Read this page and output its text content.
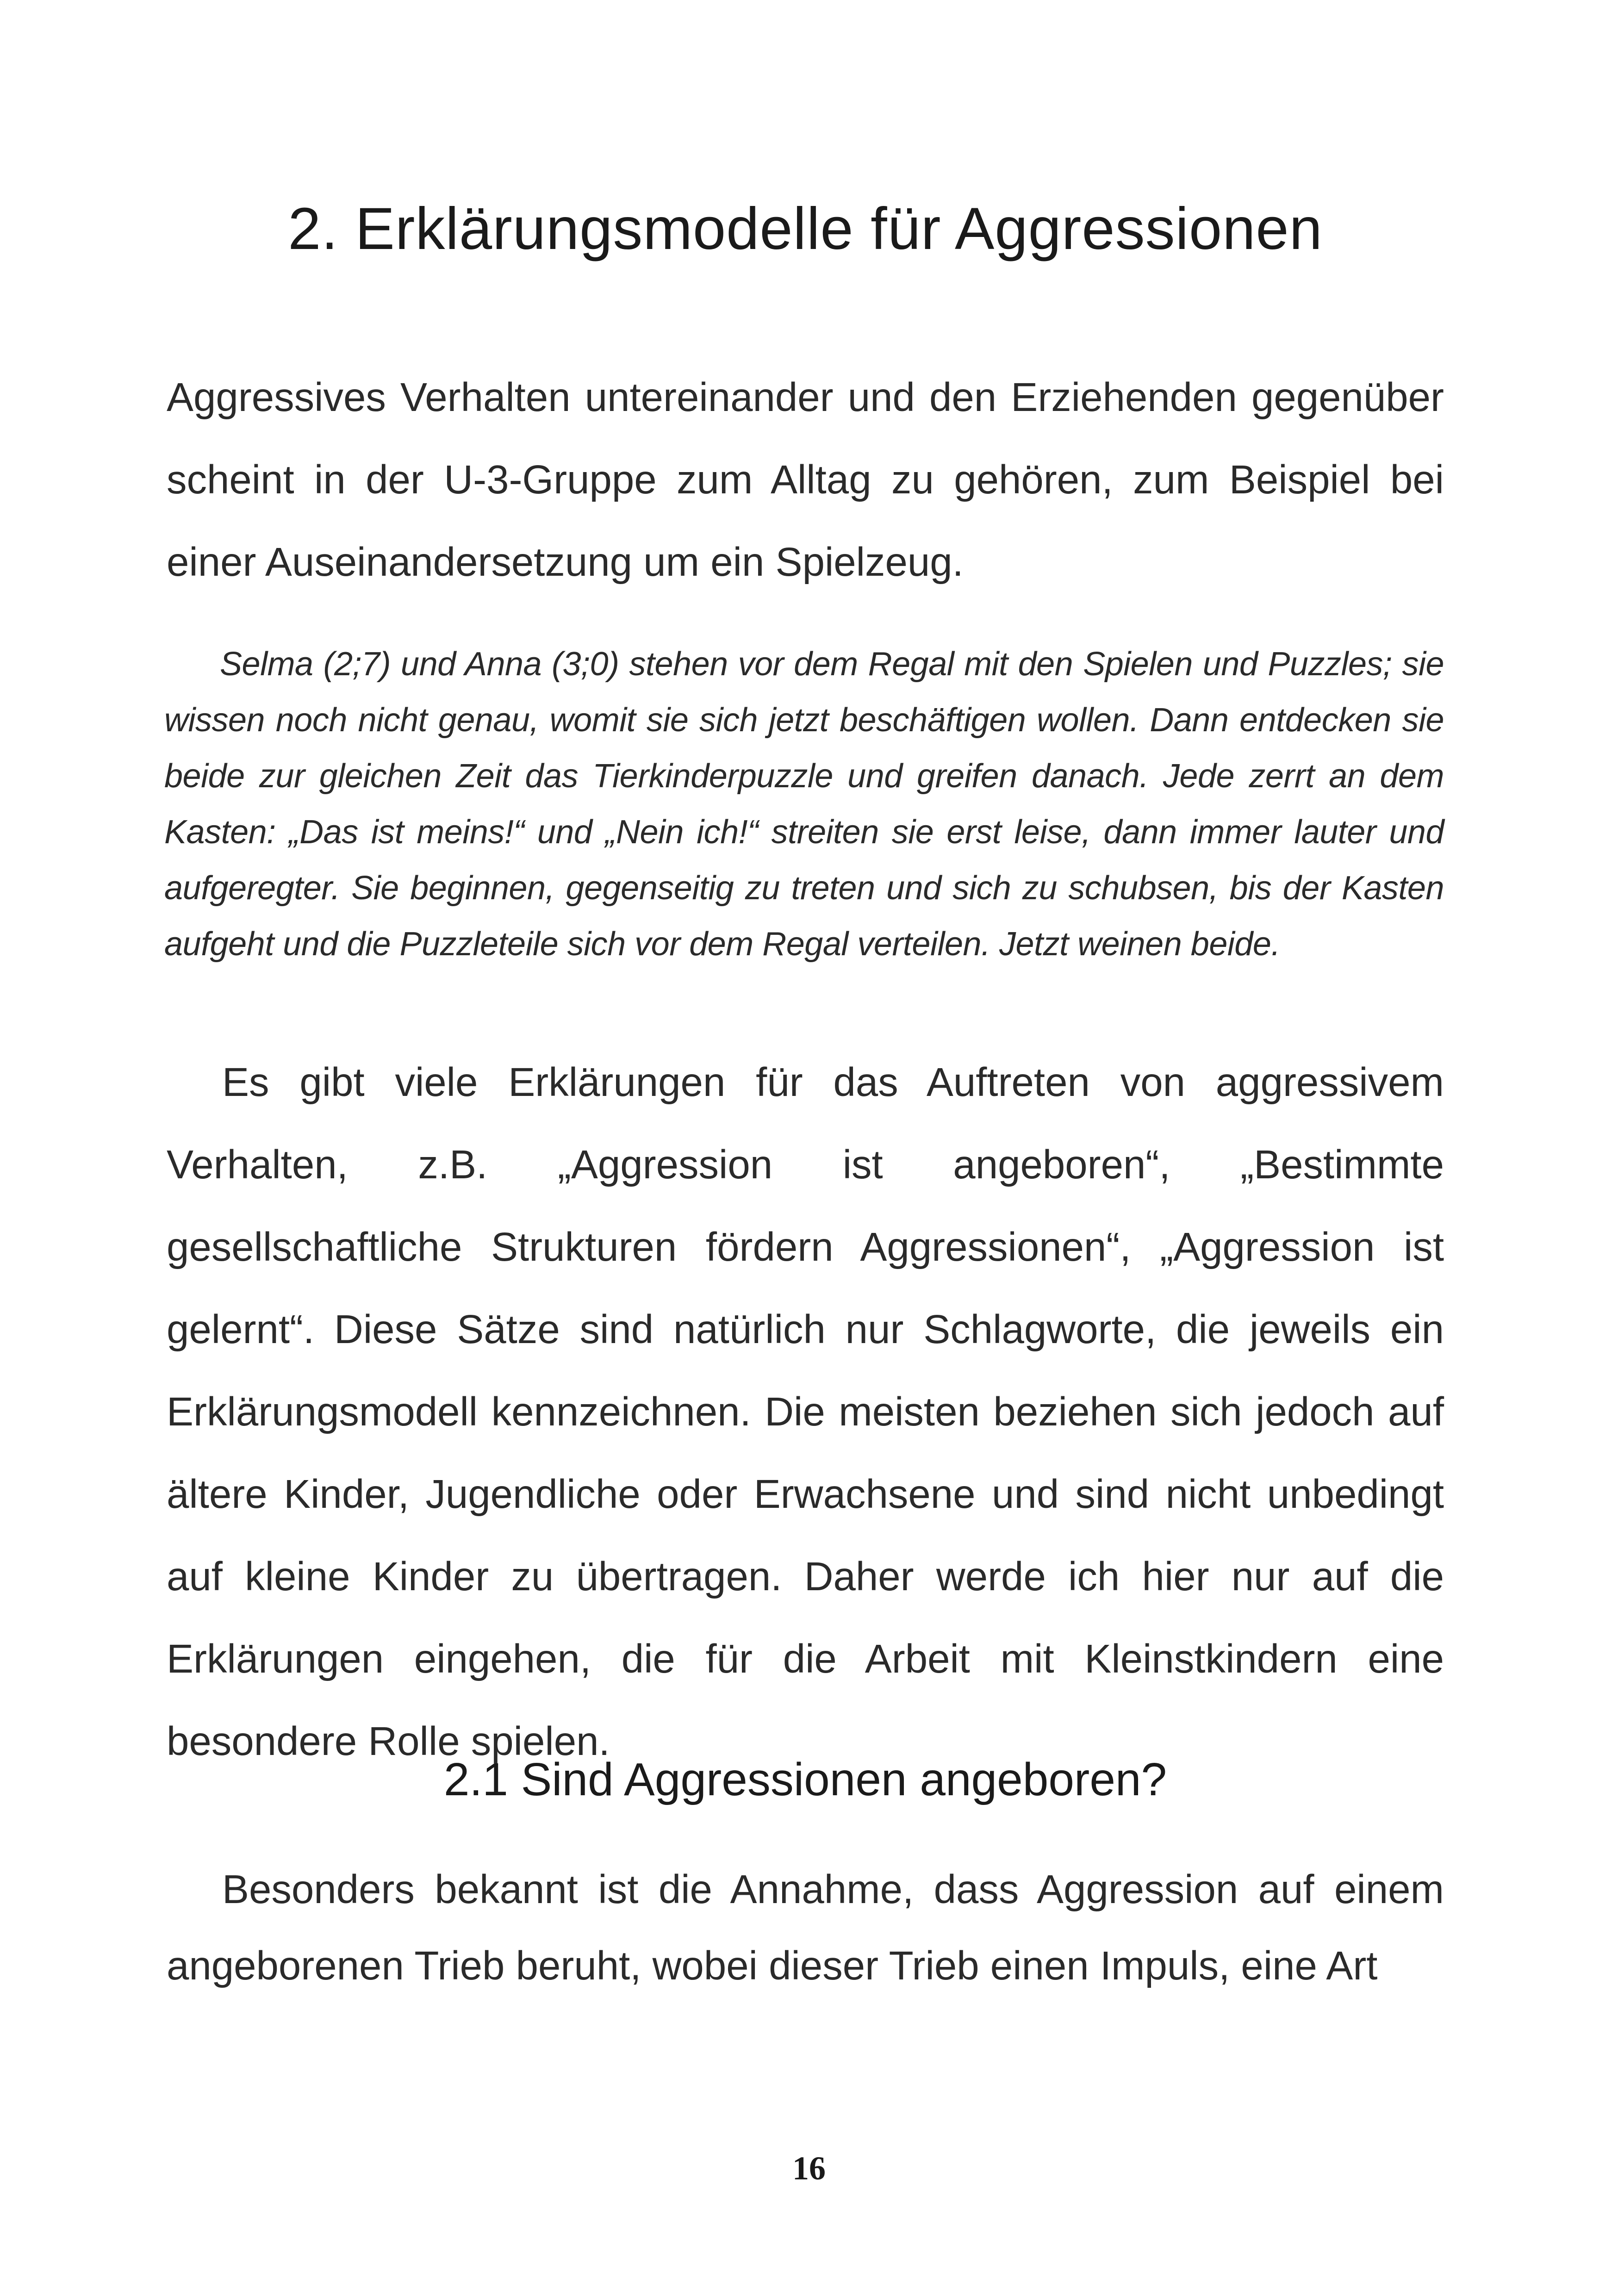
2. Erklärungsmodelle für Aggressionen

Aggressives Verhalten untereinander und den Erziehenden gegenüber scheint in der U-3-Gruppe zum Alltag zu gehören, zum Beispiel bei einer Auseinandersetzung um ein Spielzeug.

Selma (2;7) und Anna (3;0) stehen vor dem Regal mit den Spielen und Puzzles; sie wissen noch nicht genau, womit sie sich jetzt beschäftigen wollen. Dann entdecken sie beide zur gleichen Zeit das Tierkinderpuzzle und greifen danach. Jede zerrt an dem Kasten: „Das ist meins!“ und „Nein ich!“ streiten sie erst leise, dann immer lauter und aufgeregter. Sie beginnen, gegenseitig zu treten und sich zu schubsen, bis der Kasten aufgeht und die Puzzleteile sich vor dem Regal verteilen. Jetzt weinen beide.

Es gibt viele Erklärungen für das Auftreten von aggressivem Verhalten, z.B. „Aggression ist angeboren“, „Bestimmte gesellschaftliche Strukturen fördern Aggressionen“, „Aggression ist gelernt“. Diese Sätze sind natürlich nur Schlagworte, die jeweils ein Erklärungsmodell kennzeichnen. Die meisten beziehen sich jedoch auf ältere Kinder, Jugendliche oder Erwachsene und sind nicht unbedingt auf kleine Kinder zu übertragen. Daher werde ich hier nur auf die Erklärungen eingehen, die für die Arbeit mit Kleinstkindern eine besondere Rolle spielen.

2.1 Sind Aggressionen angeboren?

Besonders bekannt ist die Annahme, dass Aggression auf einem angeborenen Trieb beruht, wobei dieser Trieb einen Impuls, eine Art

16
